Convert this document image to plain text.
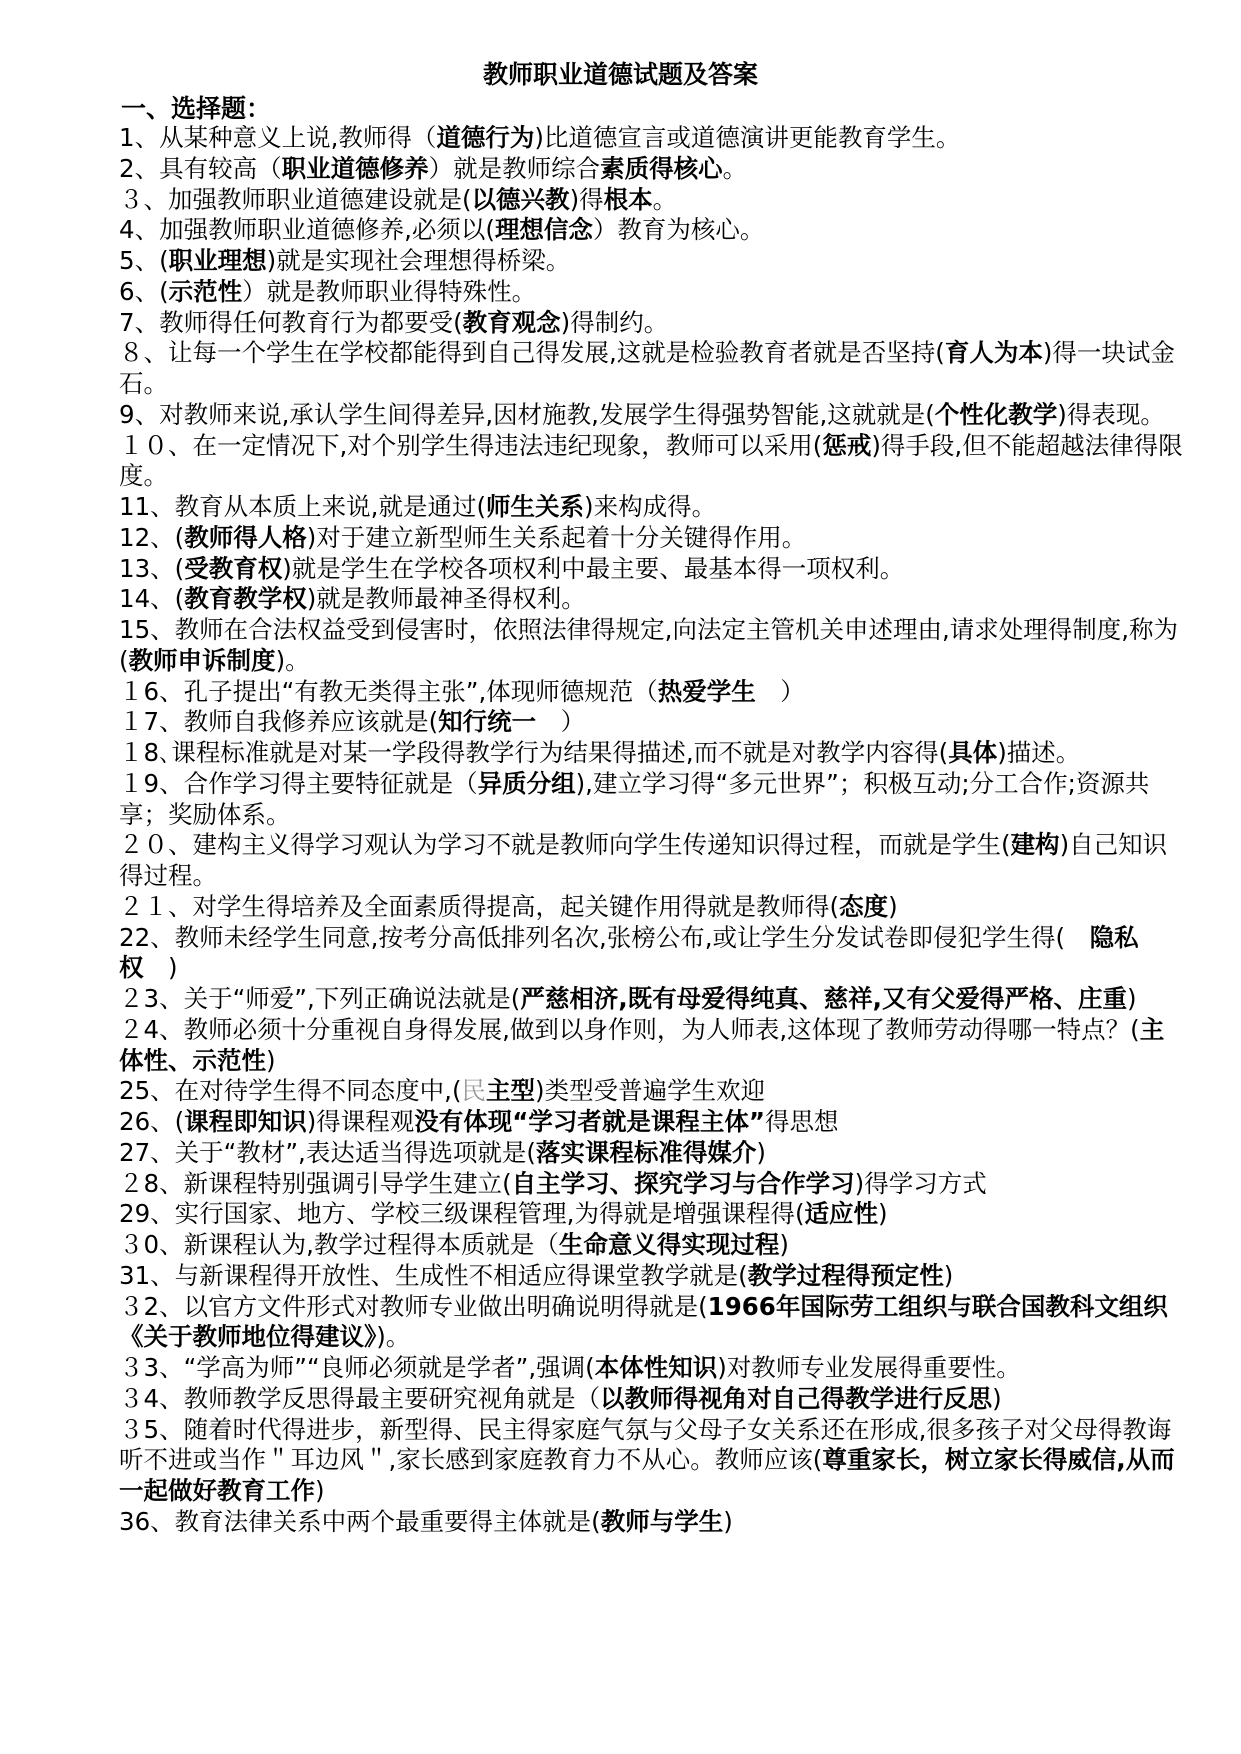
教师职业道德试题及答案
一、选择题：

1、从某种意义上说,教师得（道德行为)比道德宣言或道德演讲更能教育学生。

2、具有较高（职业道德修养）就是教师综合素质得核心。

３、加强教师职业道德建设就是(以德兴教)得根本。

4、加强教师职业道德修养,必须以(理想信念）教育为核心。

5、(职业理想)就是实现社会理想得桥梁。

6、(示范性）就是教师职业得特殊性。

7、教师得任何教育行为都要受(教育观念)得制约。

８、让每一个学生在学校都能得到自己得发展,这就是检验教育者就是否坚持(育人为本)得一块试金石。

9、对教师来说,承认学生间得差异,因材施教,发展学生得强势智能,这就就是(个性化教学)得表现。

１０、在一定情况下,对个别学生得违法违纪现象，教师可以采用(惩戒)得手段,但不能超越法律得限度。

11、教育从本质上来说,就是通过(师生关系)来构成得。

12、(教师得人格)对于建立新型师生关系起着十分关键得作用。

13、(受教育权)就是学生在学校各项权利中最主要、最基本得一项权利。

14、(教育教学权)就是教师最神圣得权利。

15、教师在合法权益受到侵害时，依照法律得规定,向法定主管机关申述理由,请求处理得制度,称为(教师申诉制度)。

１6、孔子提出“有教无类得主张”,体现师德规范（热爱学生　）

１7、教师自我修养应该就是(知行统一　）

１8､课程标准就是对某一学段得教学行为结果得描述,而不就是对教学内容得(具体)描述。

１9、合作学习得主要特征就是（异质分组),建立学习得“多元世界”；积极互动;分工合作;资源共享；奖励体系。

２０、建构主义得学习观认为学习不就是教师向学生传递知识得过程，而就是学生(建构)自己知识得过程。

２１、对学生得培养及全面素质得提高，起关键作用得就是教师得(态度)

22、教师未经学生同意,按考分高低排列名次,张榜公布,或让学生分发试卷即侵犯学生得(　隐私权　)

２3、关于“师爱”,下列正确说法就是(严慈相济,既有母爱得纯真、慈祥,又有父爱得严格、庄重)

２4、教师必须十分重视自身得发展,做到以身作则，为人师表,这体现了教师劳动得哪一特点？(主体性、示范性)

25、在对待学生得不同态度中,(民主型)类型受普遍学生欢迎

26、(课程即知识)得课程观没有体现“学习者就是课程主体”得思想

27、关于“教材”,表达适当得选项就是(落实课程标准得媒介)

２8、新课程特别强调引导学生建立(自主学习、探究学习与合作学习)得学习方式

29、实行国家、地方、学校三级课程管理,为得就是增强课程得(适应性)

３0、新课程认为,教学过程得本质就是（生命意义得实现过程)

31、与新课程得开放性、生成性不相适应得课堂教学就是(教学过程得预定性)

３2、以官方文件形式对教师专业做出明确说明得就是(1966年国际劳工组织与联合国教科文组织《关于教师地位得建议》)。

３3、“学高为师”“良师必须就是学者”,强调(本体性知识)对教师专业发展得重要性。

３4、教师教学反思得最主要研究视角就是（以教师得视角对自己得教学进行反思)

３5、随着时代得进步，新型得、民主得家庭气氛与父母子女关系还在形成,很多孩子对父母得教诲听不进或当作＂耳边风＂,家长感到家庭教育力不从心。教师应该(尊重家长，树立家长得威信,从而一起做好教育工作)

36、教育法律关系中两个最重要得主体就是(教师与学生)
